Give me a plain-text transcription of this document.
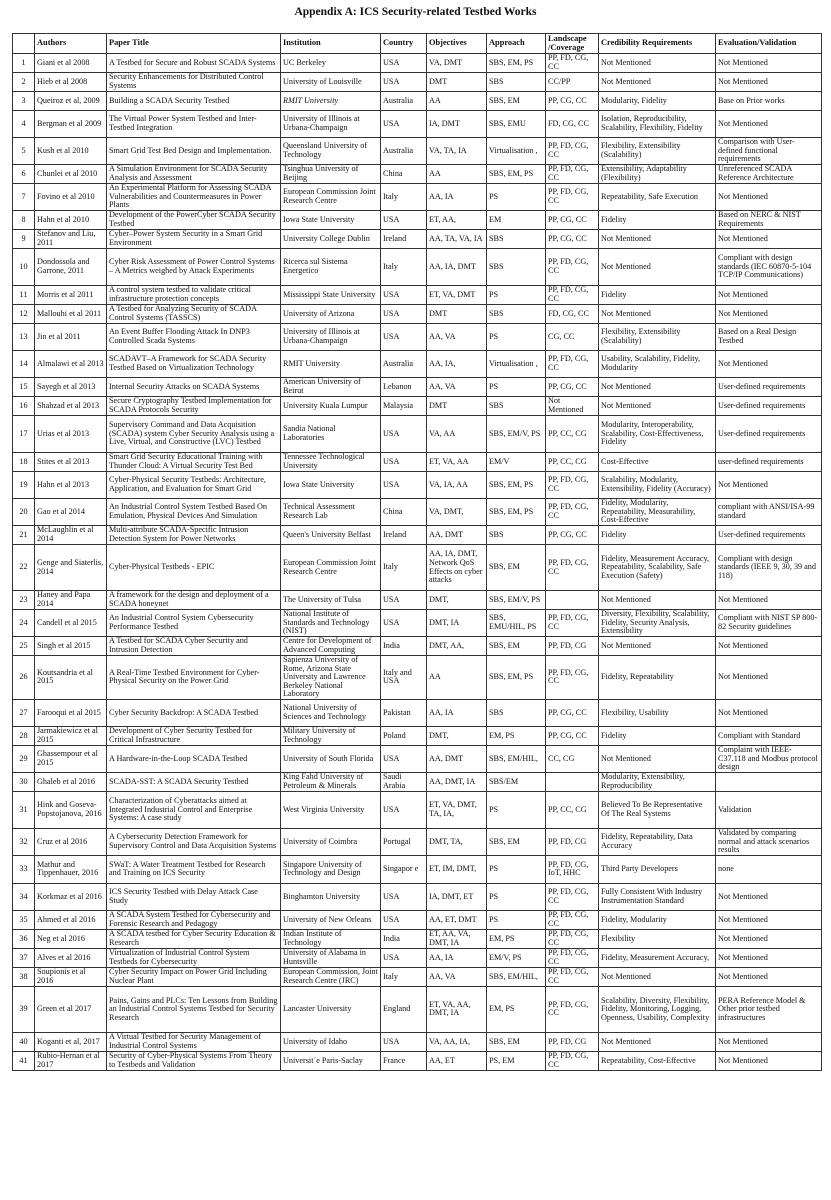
Appendix A: ICS Security-related Testbed Works
	Authors	Paper Title	Institution	Country	Objectives	Approach	Landscape /Coverage	Credibility Requirements	Evaluation/Validation
1	Giani et al 2008	A Testbed for Secure and Robust SCADA Systems	UC Berkeley	USA	VA, DMT	SBS, EM, PS	PP, FD, CG, CC	Not Mentioned	Not Mentioned
2	Hieb et al 2008	Security Enhancements for Distributed Control Systems	University of Louisville	USA	DMT	SBS	CC/PP	Not Mentioned	Not Mentioned
3	Queiroz et al, 2009	Building a SCADA Security Testbed	RMIT University	Australia	AA	SBS, EM	PP, CG, CC	Modularity, Fidelity	Base on Prior works
4	Bergman et al 2009	The Virtual Power System Testbed and Inter-Testbed Integration	University of Illinois at Urbana-Champaign	USA	IA, DMT	SBS, EMU	FD, CG, CC	Isolation, Reproducibility, Scalability, Flexibility, Fidelity	Not Mentioned
5	Kush et al 2010	Smart Grid Test Bed Design and Implementation.	Queensland University of Technology	Australia	VA, TA, IA	Virtualisation ,	PP, FD, CG, CC	Flexibility, Extensibility (Scalability)	Comparison with User-defined functional requirements
6	Chunlei et al 2010	A Simulation Environment for SCADA Security Analysis and Assessment	Tsinghua University of Beijing	China	AA	SBS, EM, PS	PP, FD, CG, CC	Extensibility, Adaptability (Flexibility)	Unreferenced SCADA Reference Architecture
7	Fovino et al 2010	An Experimental Platform for Assessing SCADA Vulnerabilities and Countermeasures in Power Plants	European Commission Joint Research Centre	Italy	AA, IA	PS	PP, FD, CG, CC	Repeatability, Safe Execution	Not Mentioned
8	Hahn et al 2010	Development of the PowerCyber SCADA Security Testbed	Iowa State University	USA	ET, AA,	EM	PP, CG, CC	Fidelity	Based on NERC & NIST Requirements
9	Stefanov and Liu, 2011	Cyber–Power System Security in a Smart Grid Environment	University College Dublin	Ireland	AA, TA, VA, IA	SBS	PP, CG, CC	Not Mentioned	Not Mentioned
10	Dondossola and Garrone, 2011	Cyber Risk Assessment of Power Control Systems – A Metrics weighed by Attack Experiments	Ricerca sul Sistema Energetico	Italy	AA, IA, DMT	SBS	PP, FD, CG, CC	Not Mentioned	Compliant with design standards (IEC 60870-5-104 TCP/IP Communications)
11	Morris et al 2011	A control system testbed to validate critical infrastructure protection concepts	Mississippi State University	USA	ET, VA, DMT	PS	PP, FD, CG, CC	Fidelity	Not Mentioned
12	Mallouhi et al 2011	A Testbed for Analyzing Security of SCADA Control Systems (TASSCS)	University of Arizona	USA	DMT	SBS	FD, CG, CC	Not Mentioned	Not Mentioned
13	Jin et al 2011	An Event Buffer Flooding Attack In DNP3 Controlled Scada Systems	University of Illinois at Urbana-Champaign	USA	AA, VA	PS	CG, CC	Flexibility, Extensibility (Scalability)	Based on a Real Design Testbed
14	Almalawi et al 2013	SCADAVT–A Framework for SCADA Security Testbed Based on Virtualization Technology	RMIT University	Australia	AA, IA,	Virtualisation ,	PP, FD, CG, CC	Usability, Scalability, Fidelity, Modularity	Not Mentioned
15	Sayegh et al 2013	Internal Security Attacks on SCADA Systems	American University of Beirut	Lebanon	AA, VA	PS	PP, CG, CC	Not Mentioned	User-defined requirements
16	Shahzad et al 2013	Secure Cryptography Testbed Implementation for SCADA Protocols Security	University Kuala Lumpur	Malaysia	DMT	SBS	Not Mentioned	Not Mentioned	User-defined requirements
17	Urias et al 2013	Supervisory Command and Data Acquisition (SCADA) system Cyber Security Analysis using a Live, Virtual, and Constructive (LVC) Testbed	Sandia National Laboratories	USA	VA, AA	SBS, EM/V, PS	PP, CC, CG	Modularity, Interoperability, Scalability, Cost-Effectiveness, Fidelity	User-defined requirements
18	Stites et al 2013	Smart Grid Security Educational Training with Thunder Cloud: A Virtual Security Test Bed	Tennessee Technological University	USA	ET, VA, AA	EM/V	PP, CC, CG	Cost-Effective	user-defined requirements
19	Hahn et al 2013	Cyber-Physical Security Testbeds: Architecture, Application, and Evaluation for Smart Grid	Iowa State University	USA	VA, IA, AA	SBS, EM, PS	PP, FD, CG, CC	Scalability, Modularity, Extensibility, Fidelity (Accuracy)	Not Mentioned
20	Gao et al 2014	An Industrial Control System Testbed Based On Emulation, Physical Devices And Simulation	Technical Assessment Research Lab	China	VA, DMT,	SBS, EM, PS	PP, FD, CG, CC	Fidelity, Modularity, Repeatability, Measurability, Cost-Effective	compliant with ANSI/ISA-99 standard
21	McLaughlin et al 2014	Multi-attribute SCADA-Specific Intrusion Detection System for Power Networks	Queen's University Belfast	Ireland	AA, DMT	SBS	PP, CG, CC	Fidelity	User-defined requirements
22	Genge and Siaterlis, 2014	Cyber-Physical Testbeds - EPIC	European Commission Joint Research Centre	Italy	AA, IA, DMT, Network QoS Effects on cyber attacks	SBS, EM	PP, FD, CG, CC	Fidelity, Measurement Accuracy, Repeatability, Scalability, Safe Execution (Safety)	Compliant with design standards (IEEE 9, 30, 39 and 118)
23	Haney and Papa 2014	A framework for the design and deployment of a SCADA honeynet	The University of Tulsa	USA	DMT,	SBS, EM/V, PS		Not Mentioned	Not Mentioned
24	Candell et al 2015	An Industrial Control System Cybersecurity Performance Testbed	National Institute of Standards and Technology (NIST)	USA	DMT, IA	SBS, EMU/HIL, PS	PP, FD, CG, CC	Diversity, Flexibility, Scalability, Fidelity, Security Analysis, Extensibility	Compliant with NIST SP 800-82 Security guidelines
25	Singh et al 2015	A Testbed for SCADA Cyber Security and Intrusion Detection	Centre for Development of Advanced Computing	India	DMT, AA,	SBS, EM	PP, FD, CG	Not Mentioned	Not Mentioned
26	Koutsandria et al 2015	A Real-Time Testbed Environment for Cyber-Physical Security on the Power Grid	Sapienza University of Rome, Arizona State University and Lawrence Berkeley National Laboratory	Italy and USA	AA	SBS, EM, PS	PP, FD, CG, CC	Fidelity, Repeatability	Not Mentioned
27	Farooqui et al 2015	Cyber Security Backdrop: A SCADA Testbed	National University of Sciences and Technology	Pakistan	AA, IA	SBS	PP, CG, CC	Flexibility, Usability	Not Mentioned
28	Jarmakiewicz et al 2015	Development of Cyber Security Testbed for Critical Infrastructure	Military University of Technology	Poland	DMT,	EM, PS	PP, CG, CC	Fidelity	Compliant with Standard
29	Ghassempour et al 2015	A Hardware-in-the-Loop SCADA Testbed	University of South Florida	USA	AA, DMT	SBS, EM/HIL,	CC, CG	Not Mentioned	Complaint with IEEE-C37.118 and Modbus protocol design
30	Ghaleb et al 2016	SCADA-SST: A SCADA Security Testbed	King Fahd University of Petroleum & Minerals	Saudi Arabia	AA, DMT, IA	SBS/EM		Modularity, Extensibility, Reproducibility	
31	Hink and Goseva-Popstojanova, 2016	Characterization of Cyberattacks aimed at Integrated Industrial Control and Enterprise Systems: A case study	West Virginia University	USA	ET, VA, DMT, TA, IA,	PS	PP, CC, CG	Believed To Be Representative Of The Real Systems	Validation
32	Cruz et al 2016	A Cybersecurity Detection Framework for Supervisory Control and Data Acquisition Systems	University of Coimbra	Portugal	DMT, TA,	SBS, EM	PP, FD, CG	Fidelity, Repeatability, Data Accuracy	Validated by comparing normal and attack scenarios results
33	Mathur and Tippenhauer, 2016	SWaT: A Water Treatment Testbed for Research and Training on ICS Security	Singapore University of Technology and Design	Singapor e	ET, IM, DMT,	PS	PP, FD, CG, IoT, HHC	Third Party Developers	none
34	Korkmaz et al 2016	ICS Security Testbed with Delay Attack Case Study	Binghamton University	USA	IA, DMT, ET	PS	PP, FD, CG, CC	Fully Consistent With Industry Instrumentation Standard	Not Mentioned
35	Ahmed et al 2016	A SCADA System Testbed for Cybersecurity and Forensic Research and Pedagogy	University of New Orleans	USA	AA, ET, DMT	PS	PP, FD, CG, CC	Fidelity, Modularity	Not Mentioned
36	Neg et al 2016	A SCADA testbed for Cyber Security Education & Research	Indian Institute of Technology	India	ET, AA, VA, DMT, IA	EM, PS	PP, FD, CG, CC	Flexibility	Not Mentioned
37	Alves et al 2016	Virtualization of Industrial Control System Testbeds for Cybersecurity	University of Alabama in Huntsville	USA	AA, IA	EM/V, PS	PP, FD, CG, CC	Fidelity, Measurement Accuracy,	Not Mentioned
38	Soupionis et al 2016	Cyber Security Impact on Power Grid Including Nuclear Plant	European Commission, Joint Research Centre (JRC)	Italy	AA, VA	SBS, EM/HIL,	PP, FD, CG, CC	Not Mentioned	Not Mentioned
39	Green et al 2017	Pains, Gains and PLCs: Ten Lessons from Building an Industrial Control Systems Testbed for Security Research	Lancaster University	England	ET, VA, AA, DMT, IA	EM, PS	PP, FD, CG, CC	Scalability, Diversity, Flexibility, Fidelity, Monitoring, Logging, Openness, Usability, Complexity	PERA Reference Model & Other prior testbed infrastructures
40	Koganti et al, 2017	A Virtual Testbed for Security Management of Industrial Control Systems	University of Idaho	USA	VA, AA, IA,	SBS, EM	PP, FD, CG	Not Mentioned	Not Mentioned
41	Rubio-Hernan et al 2017	Security of Cyber-Physical Systems From Theory to Testbeds and Validation	Universit´e Paris-Saclay	France	AA, ET	PS, EM	PP, FD, CG, CC	Repeatability, Cost-Effective	Not Mentioned
